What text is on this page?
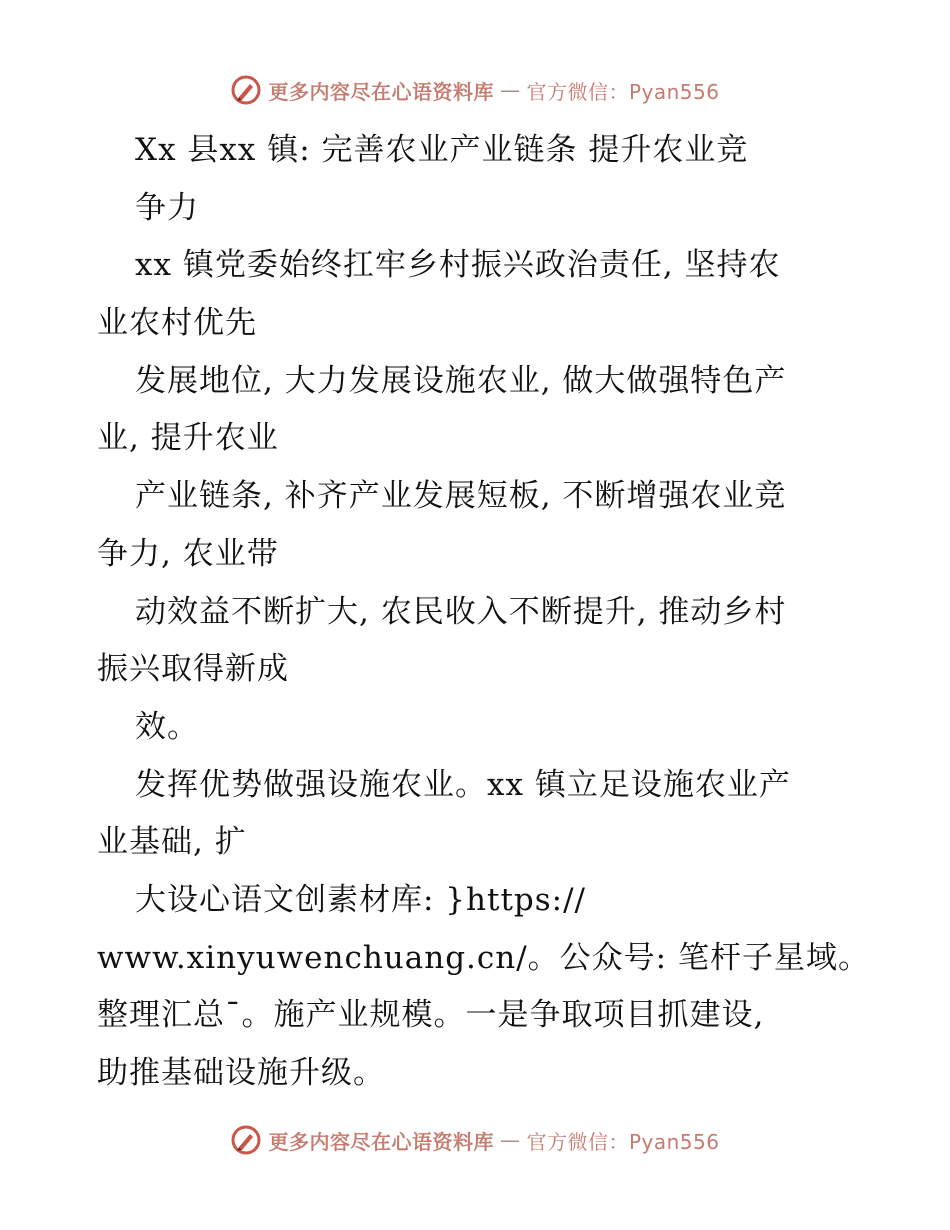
更多内容尽在心语资料库 — 官方微信：Pyan556
Xx 县xx 镇: 完善农业产业链条 提升农业竞
争力
xx 镇党委始终扛牢乡村振兴政治责任, 坚持农
业农村优先
发展地位, 大力发展设施农业, 做大做强特色产
业, 提升农业
产业链条, 补齐产业发展短板, 不断增强农业竞
争力, 农业带
动效益不断扩大, 农民收入不断提升, 推动乡村
振兴取得新成
效。
发挥优势做强设施农业。xx 镇立足设施农业产
业基础, 扩
大设心语文创素材库: }https://
www.xinyuwenchuang.cn/。公众号: 笔杆子星域。
整理汇总¯。施产业规模。一是争取项目抓建设,
助推基础设施升级。
更多内容尽在心语资料库 — 官方微信：Pyan556
